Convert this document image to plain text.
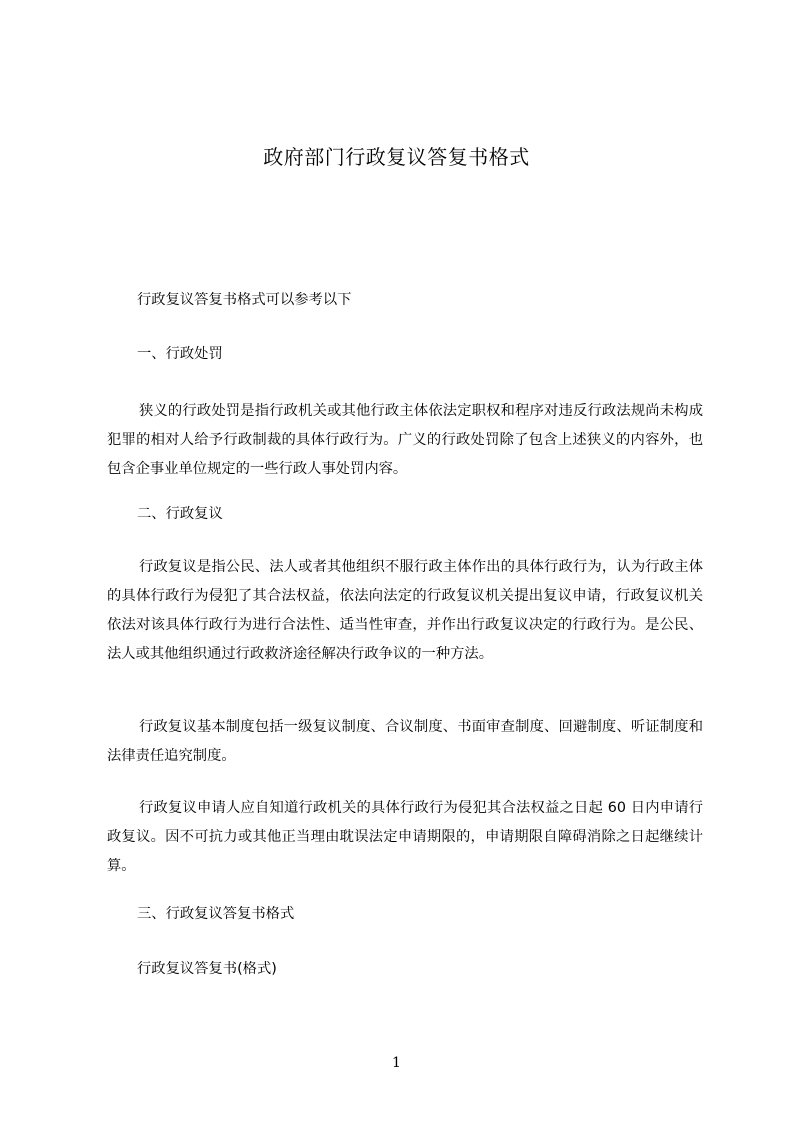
政府部门行政复议答复书格式
行政复议答复书格式可以参考以下
一、行政处罚
狭义的行政处罚是指行政机关或其他行政主体依法定职权和程序对违反行政法规尚未构成犯罪的相对人给予行政制裁的具体行政行为。广义的行政处罚除了包含上述狭义的内容外，也包含企事业单位规定的一些行政人事处罚内容。
二、行政复议
行政复议是指公民、法人或者其他组织不服行政主体作出的具体行政行为，认为行政主体的具体行政行为侵犯了其合法权益，依法向法定的行政复议机关提出复议申请，行政复议机关依法对该具体行政行为进行合法性、适当性审查，并作出行政复议决定的行政行为。是公民、法人或其他组织通过行政救济途径解决行政争议的一种方法。
行政复议基本制度包括一级复议制度、合议制度、书面审查制度、回避制度、听证制度和法律责任追究制度。
行政复议申请人应自知道行政机关的具体行政行为侵犯其合法权益之日起 60 日内申请行政复议。因不可抗力或其他正当理由耽误法定申请期限的，申请期限自障碍消除之日起继续计算。
三、行政复议答复书格式
行政复议答复书(格式)
1
